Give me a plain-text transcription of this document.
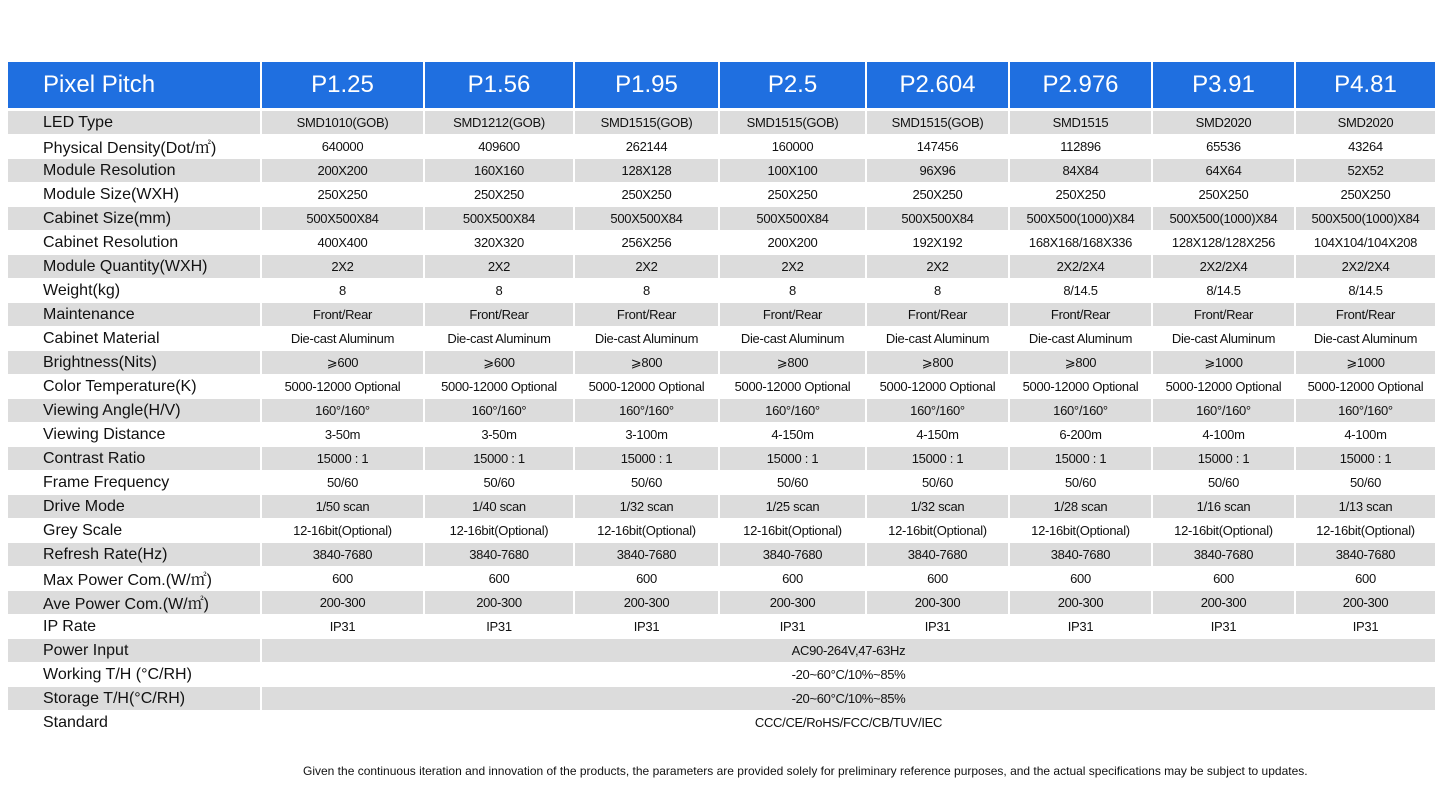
Pixel Pitch	P1.25	P1.56	P1.95	P2.5	P2.604	P2.976	P3.91	P4.81
LED Type	SMD1010(GOB)	SMD1212(GOB)	SMD1515(GOB)	SMD1515(GOB)	SMD1515(GOB)	SMD1515	SMD2020	SMD2020
Physical Density(Dot/㎡)	640000	409600	262144	160000	147456	112896	65536	43264
Module Resolution	200X200	160X160	128X128	100X100	96X96	84X84	64X64	52X52
Module Size(WXH)	250X250	250X250	250X250	250X250	250X250	250X250	250X250	250X250
Cabinet Size(mm)	500X500X84	500X500X84	500X500X84	500X500X84	500X500X84	500X500(1000)X84	500X500(1000)X84	500X500(1000)X84
Cabinet Resolution	400X400	320X320	256X256	200X200	192X192	168X168/168X336	128X128/128X256	104X104/104X208
Module Quantity(WXH)	2X2	2X2	2X2	2X2	2X2	2X2/2X4	2X2/2X4	2X2/2X4
Weight(kg)	8	8	8	8	8	8/14.5	8/14.5	8/14.5
Maintenance	Front/Rear	Front/Rear	Front/Rear	Front/Rear	Front/Rear	Front/Rear	Front/Rear	Front/Rear
Cabinet Material	Die-cast Aluminum	Die-cast Aluminum	Die-cast Aluminum	Die-cast Aluminum	Die-cast Aluminum	Die-cast Aluminum	Die-cast Aluminum	Die-cast Aluminum
Brightness(Nits)	⩾600	⩾600	⩾800	⩾800	⩾800	⩾800	⩾1000	⩾1000
Color Temperature(K)	5000-12000 Optional	5000-12000 Optional	5000-12000 Optional	5000-12000 Optional	5000-12000 Optional	5000-12000 Optional	5000-12000 Optional	5000-12000 Optional
Viewing Angle(H/V)	160°/160°	160°/160°	160°/160°	160°/160°	160°/160°	160°/160°	160°/160°	160°/160°
Viewing Distance	3-50m	3-50m	3-100m	4-150m	4-150m	6-200m	4-100m	4-100m
Contrast Ratio	15000 : 1	15000 : 1	15000 : 1	15000 : 1	15000 : 1	15000 : 1	15000 : 1	15000 : 1
Frame Frequency	50/60	50/60	50/60	50/60	50/60	50/60	50/60	50/60
Drive Mode	1/50 scan	1/40 scan	1/32 scan	1/25 scan	1/32 scan	1/28 scan	1/16 scan	1/13 scan
Grey Scale	12-16bit(Optional)	12-16bit(Optional)	12-16bit(Optional)	12-16bit(Optional)	12-16bit(Optional)	12-16bit(Optional)	12-16bit(Optional)	12-16bit(Optional)
Refresh Rate(Hz)	3840-7680	3840-7680	3840-7680	3840-7680	3840-7680	3840-7680	3840-7680	3840-7680
Max Power Com.(W/㎡)	600	600	600	600	600	600	600	600
Ave Power Com.(W/㎡)	200-300	200-300	200-300	200-300	200-300	200-300	200-300	200-300
IP Rate	IP31	IP31	IP31	IP31	IP31	IP31	IP31	IP31
Power Input	AC90-264V,47-63Hz							
Working T/H (°C/RH)	-20~60°C/10%~85%							
Storage T/H(°C/RH)	-20~60°C/10%~85%							
Standard	CCC/CE/RoHS/FCC/CB/TUV/IEC							
Given the continuous iteration and innovation of the products, the parameters are provided solely for preliminary reference purposes, and the actual specifications may be subject to updates.
